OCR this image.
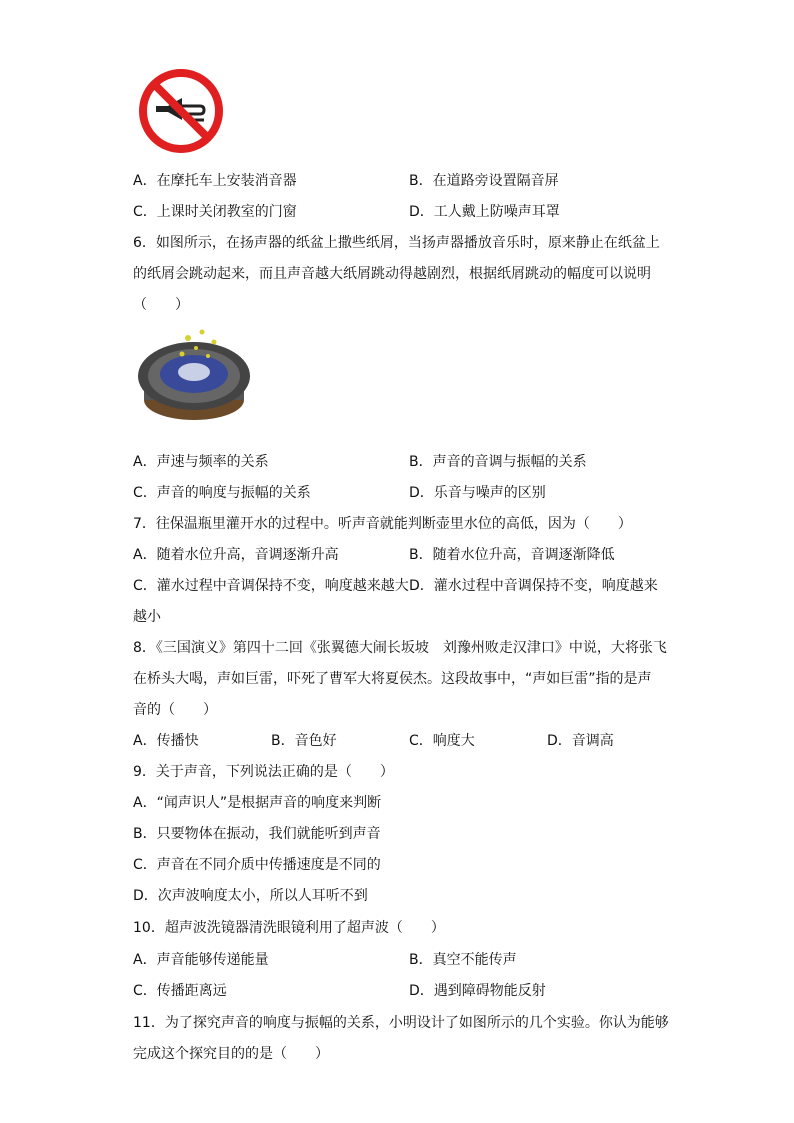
A．在摩托车上安装消音器	B．在道路旁设置隔音屏
C．上课时关闭教室的门窗	D．工人戴上防噪声耳罩
6．如图所示，在扬声器的纸盆上撒些纸屑，当扬声器播放音乐时，原来静止在纸盆上
的纸屑会跳动起来，而且声音越大纸屑跳动得越剧烈，根据纸屑跳动的幅度可以说明
（　　）
A．声速与频率的关系	B．声音的音调与振幅的关系
C．声音的响度与振幅的关系	D．乐音与噪声的区别
7．往保温瓶里灌开水的过程中。听声音就能判断壶里水位的高低，因为（　　）
A．随着水位升高，音调逐渐升高	B．随着水位升高，音调逐渐降低
C．灌水过程中音调保持不变，响度越来越大 D．灌水过程中音调保持不变，响度越来
越小
8．《三国演义》第四十二回《张翼德大闹长坂坡　刘豫州败走汉津口》中说，大将张飞
在桥头大喝，声如巨雷，吓死了曹军大将夏侯杰。这段故事中，“声如巨雷”指的是声
音的（　　）
A．传播快	B．音色好	C．响度大	D．音调高
9．关于声音，下列说法正确的是（　　）
A．“闻声识人”是根据声音的响度来判断
B．只要物体在振动，我们就能听到声音
C．声音在不同介质中传播速度是不同的
D．次声波响度太小，所以人耳听不到
10．超声波洗镜器清洗眼镜利用了超声波（　　）
A．声音能够传递能量	B．真空不能传声
C．传播距离远	D．遇到障碍物能反射
11．为了探究声音的响度与振幅的关系，小明设计了如图所示的几个实验。你认为能够
完成这个探究目的的是（　　）
